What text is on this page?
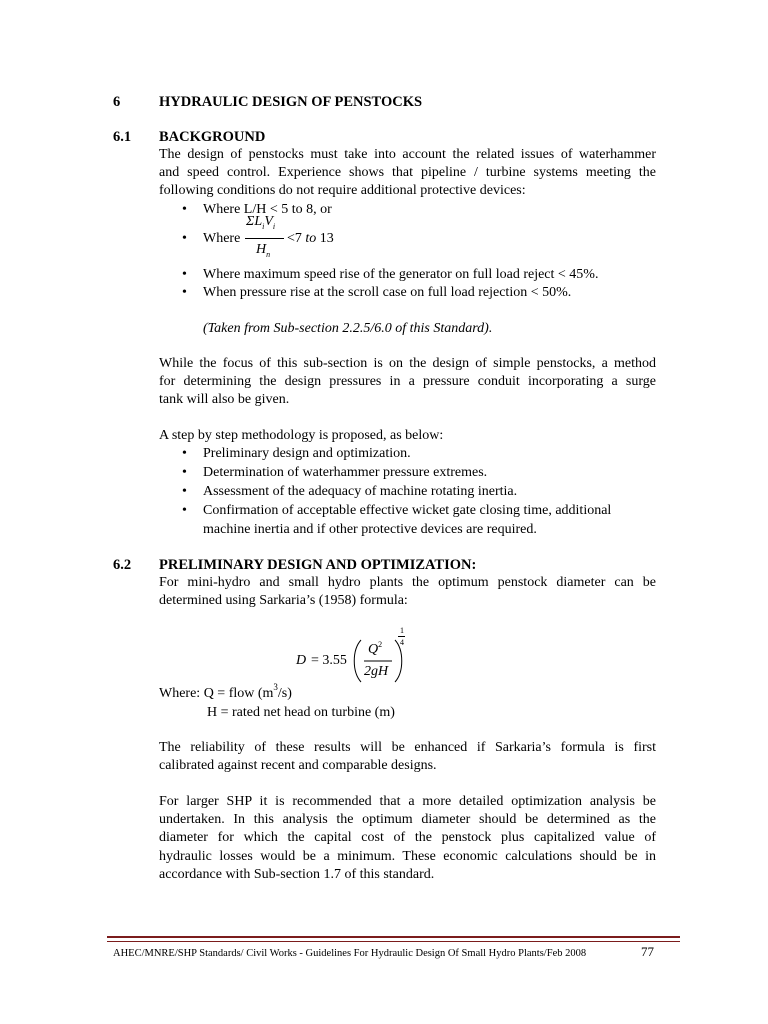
6	HYDRAULIC DESIGN OF PENSTOCKS
6.1 BACKGROUND
The design of penstocks must take into account the related issues of waterhammer
and speed control. Experience shows that pipeline / turbine systems meeting the
following conditions do not require additional protective devices:
• Where L/H < 5 to 8, or
• Where
$\Sigma L_iV_i$
$H_n$
<7 to 13
• Where maximum speed rise of the generator on full load reject < 45%.
• When pressure rise at the scroll case on full load rejection < 50%.
(Taken from Sub-section 2.2.5/6.0 of this Standard).
While the focus of this sub-section is on the design of simple penstocks, a method
for determining the design pressures in a pressure conduit incorporating a surge
tank will also be given.
A step by step methodology is proposed, as below:
• Preliminary design and optimization.
• Determination of waterhammer pressure extremes.
• Assessment of the adequacy of machine rotating inertia.
• Confirmation of acceptable effective wicket gate closing time, additional
machine inertia and if other protective devices are required.
6.2 PRELIMINARY DESIGN AND OPTIMIZATION:
For mini-hydro and small hydro plants the optimum penstock diameter can be
determined using Sarkaria’s (1958) formula:
D = 3.55
$Q^2$
2gH
1
4
Where: Q = flow $(m^3/s)$
H = rated net head on turbine (m)
The reliability of these results will be enhanced if Sarkaria’s formula is first
calibrated against recent and comparable designs.
For larger SHP it is recommended that a more detailed optimization analysis be
undertaken. In this analysis the optimum diameter should be determined as the
diameter for which the capital cost of the penstock plus capitalized value of
hydraulic losses would be a minimum. These economic calculations should be in
accordance with Sub-section 1.7 of this standard.
AHEC/MNRE/SHP Standards/ Civil Works - Guidelines For Hydraulic Design Of Small Hydro Plants/Feb 2008	77
